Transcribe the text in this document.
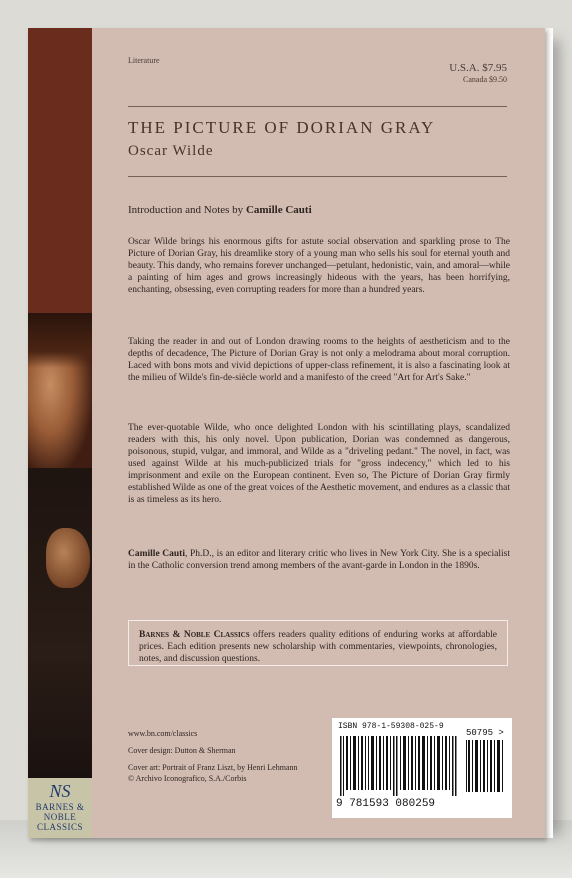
NS
BARNES & NOBLE CLASSICS
Literature
U.S.A. $7.95
Canada $9.50
THE PICTURE OF DORIAN GRAY
Oscar Wilde
Introduction and Notes by Camille Cauti

Oscar Wilde brings his enormous gifts for astute social observation and sparkling prose to The Picture of Dorian Gray, his dreamlike story of a young man who sells his soul for eternal youth and beauty. This dandy, who remains forever unchanged—petulant, hedonistic, vain, and amoral—while a painting of him ages and grows increasingly hideous with the years, has been horrifying, enchanting, obsessing, even corrupting readers for more than a hundred years.

Taking the reader in and out of London drawing rooms to the heights of aestheticism and to the depths of decadence, The Picture of Dorian Gray is not only a melodrama about moral corruption. Laced with bons mots and vivid depictions of upper-class refinement, it is also a fascinating look at the milieu of Wilde's fin-de-siècle world and a manifesto of the creed "Art for Art's Sake."

The ever-quotable Wilde, who once delighted London with his scintillating plays, scandalized readers with this, his only novel. Upon publication, Dorian was condemned as dangerous, poisonous, stupid, vulgar, and immoral, and Wilde as a "driveling pedant." The novel, in fact, was used against Wilde at his much-publicized trials for "gross indecency," which led to his imprisonment and exile on the European continent. Even so, The Picture of Dorian Gray firmly established Wilde as one of the great voices of the Aesthetic movement, and endures as a classic that is as timeless as its hero.

Camille Cauti, Ph.D., is an editor and literary critic who lives in New York City. She is a specialist in the Catholic conversion trend among members of the avant-garde in London in the 1890s.

Barnes & Noble Classics offers readers quality editions of enduring works at affordable prices. Each edition presents new scholarship with commentaries, viewpoints, chronologies, notes, and discussion questions.
www.bn.com/classics
Cover design: Dutton & Sherman
Cover art: Portrait of Franz Liszt, by Henri Lehmann © Archivo Iconografico, S.A./Corbis
ISBN 978-1-59308-025-9
50795 >
9 781593 080259
